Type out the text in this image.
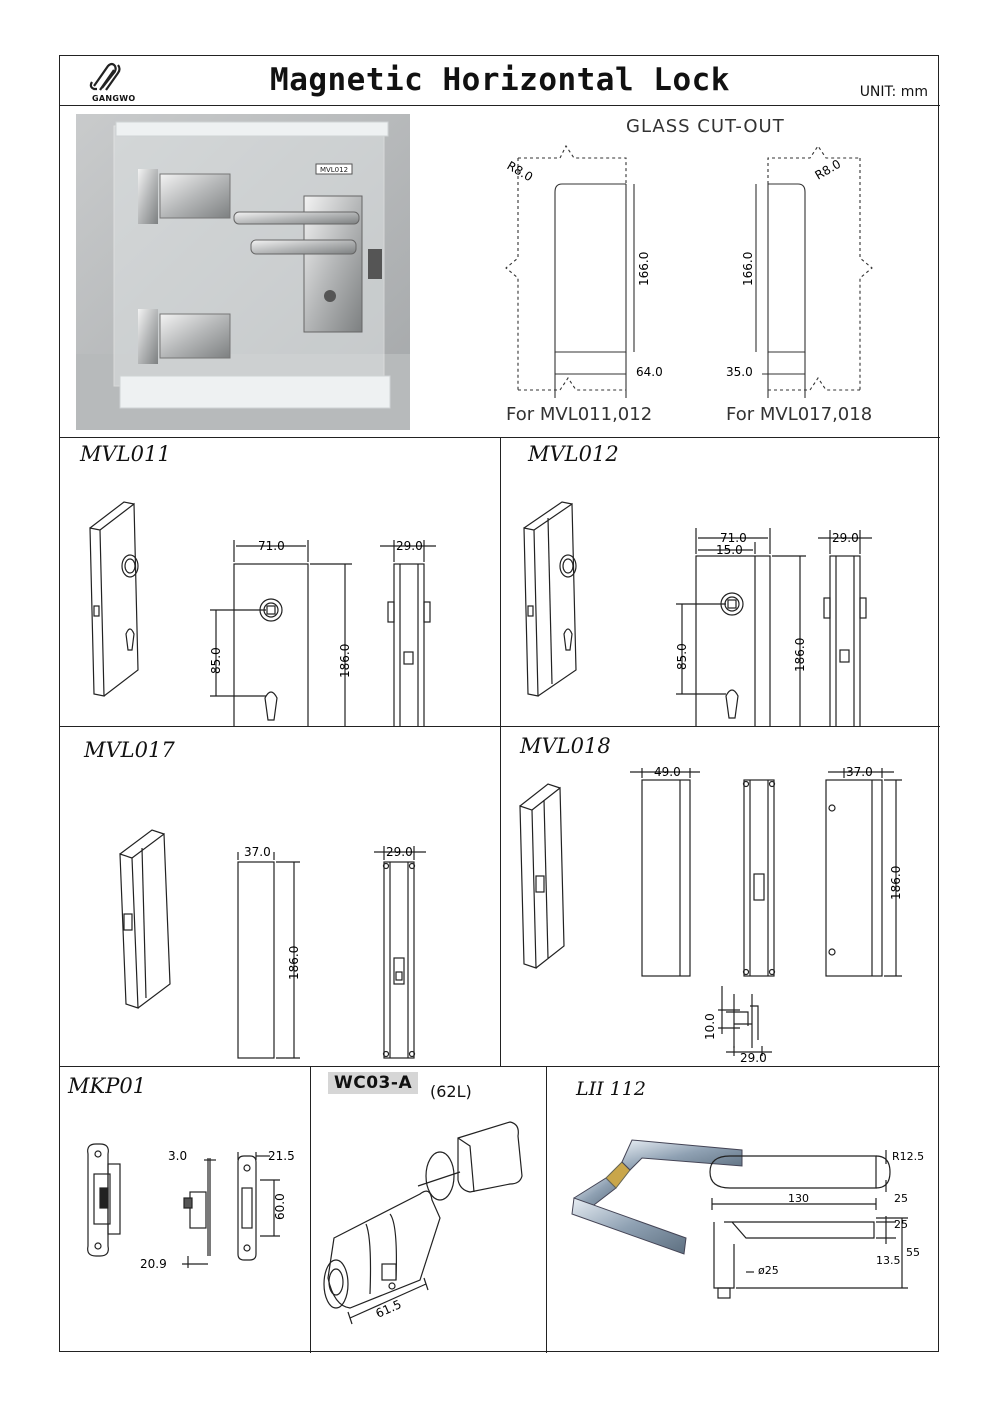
GANGWO
Magnetic Horizontal Lock	UNIT: mm
MVL012
GLASS CUT-OUT
R8.0
166.0
64.0
For MVL011,012
R8.0
166.0
35.0
For MVL017,018
MVL011
71.0	29.0
85.0	186.0
MVL012
71.0
15.0
29.0
85.0	186.0
MVL017
37.0	29.0
186.0
MVL018
49.0	37.0
186.0
10.0
29.0
MKP01
3.0	21.5
60.0
20.9
WC03-A	(62L)
61.5
LII 112
R12.5
25
130
25
13.5
55
ø25
